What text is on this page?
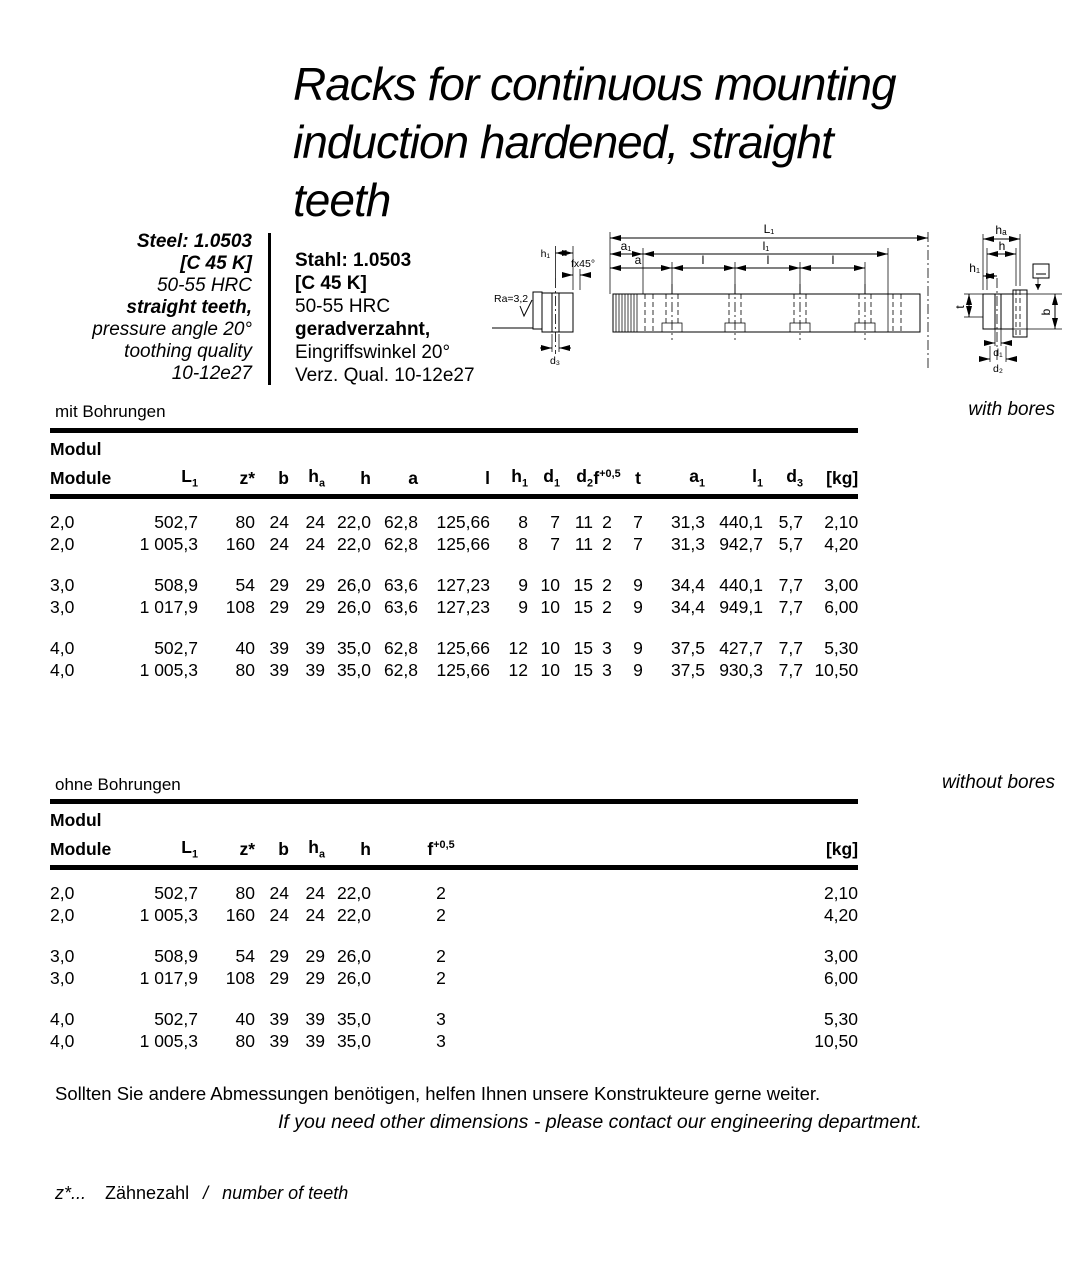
Racks for continuous mounting
induction hardened, straight
teeth
Steel: 1.0503
[C 45 K]
50-55 HRC
straight teeth,
pressure angle 20°
toothing quality
10-12e27
Stahl: 1.0503
[C 45 K]
50-55 HRC
geradverzahnt,
Eingriffswinkel 20°
Verz. Qual. 10-12e27
h₁
fx45°
Ra=3,2
d₃
L₁
a₁	l₁
a	l	l	l
hₐ
h
h₁
t
b
d₁
d₂
mit Bohrungen	with bores
Modul																
Module	$L_1$	z*	b	$h_a$	h	a	l	$h_1$	$d_1$	$d_2$	$f^{+0,5}$	t	$a_1$	$l_1$	$d_3$	[kg]
2,0	502,7	80	24	24	22,0	62,8	125,66	8	7	11	2	7	31,3	440,1	5,7	2,10
2,0	1 005,3	160	24	24	22,0	62,8	125,66	8	7	11	2	7	31,3	942,7	5,7	4,20

3,0	508,9	54	29	29	26,0	63,6	127,23	9	10	15	2	9	34,4	440,1	7,7	3,00
3,0	1 017,9	108	29	29	26,0	63,6	127,23	9	10	15	2	9	34,4	949,1	7,7	6,00

4,0	502,7	40	39	39	35,0	62,8	125,66	12	10	15	3	9	37,5	427,7	7,7	5,30
4,0	1 005,3	80	39	39	35,0	62,8	125,66	12	10	15	3	9	37,5	930,3	7,7	10,50
ohne Bohrungen	without bores
Modul							
Module	$L_1$	z*	b	$h_a$	h	$f^{+0,5}$	[kg]
2,0	502,7	80	24	24	22,0	2	2,10
2,0	1 005,3	160	24	24	22,0	2	4,20

3,0	508,9	54	29	29	26,0	2	3,00
3,0	1 017,9	108	29	29	26,0	2	6,00

4,0	502,7	40	39	39	35,0	3	5,30
4,0	1 005,3	80	39	39	35,0	3	10,50
Sollten Sie andere Abmessungen benötigen, helfen Ihnen unsere Konstrukteure gerne weiter.
If you need other dimensions - please contact our engineering department.
z*... Zähnezahl / number of teeth
